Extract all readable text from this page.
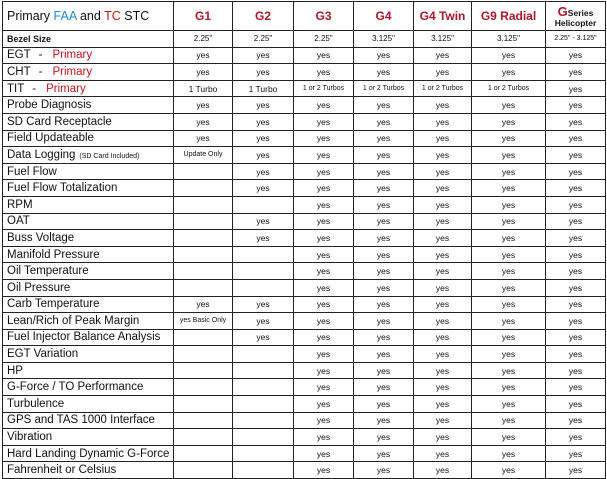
Primary FAA and TC STC	G1	G2	G3	G4	G4 Twin	G9 Radial	GSeries
Helicopter

Bezel Size	2.25"	2.25"	2.25"	3.125"	3.125"	3.125"	2.25" - 3.125"
EGT - Primary	yes	yes	yes	yes	yes	yes	yes
CHT - Primary	yes	yes	yes	yes	yes	yes	yes
TIT - Primary	1 Turbo	1 Turbo	1 or 2 Turbos	1 or 2 Turbos	1 or 2 Turbos	1 or 2 Turbos	yes
Probe Diagnosis	yes	yes	yes	yes	yes	yes	yes
SD Card Receptacle	yes	yes	yes	yes	yes	yes	yes
Field Updateable	yes	yes	yes	yes	yes	yes	yes
Data Logging (SD Card Included)	Update Only	yes	yes	yes	yes	yes	yes
Fuel Flow		yes	yes	yes	yes	yes	yes
Fuel Flow Totalization		yes	yes	yes	yes	yes	yes
RPM			yes	yes	yes	yes	yes
OAT		yes	yes	yes	yes	yes	yes
Buss Voltage		yes	yes	yes	yes	yes	yes
Manifold Pressure			yes	yes	yes	yes	yes
Oil Temperature			yes	yes	yes	yes	yes
Oil Pressure			yes	yes	yes	yes	yes
Carb Temperature	yes	yes	yes	yes	yes	yes	yes
Lean/Rich of Peak Margin	yes Basic Only	yes	yes	yes	yes	yes	yes
Fuel Injector Balance Analysis		yes	yes	yes	yes	yes	yes
EGT Variation			yes	yes	yes	yes	yes
HP			yes	yes	yes	yes	yes
G-Force / TO Performance			yes	yes	yes	yes	yes
Turbulence			yes	yes	yes	yes	yes
GPS and TAS 1000 Interface			yes	yes	yes	yes	yes
Vibration			yes	yes	yes	yes	yes
Hard Landing Dynamic G-Force			yes	yes	yes	yes	yes
Fahrenheit or Celsius			yes	yes	yes	yes	yes
